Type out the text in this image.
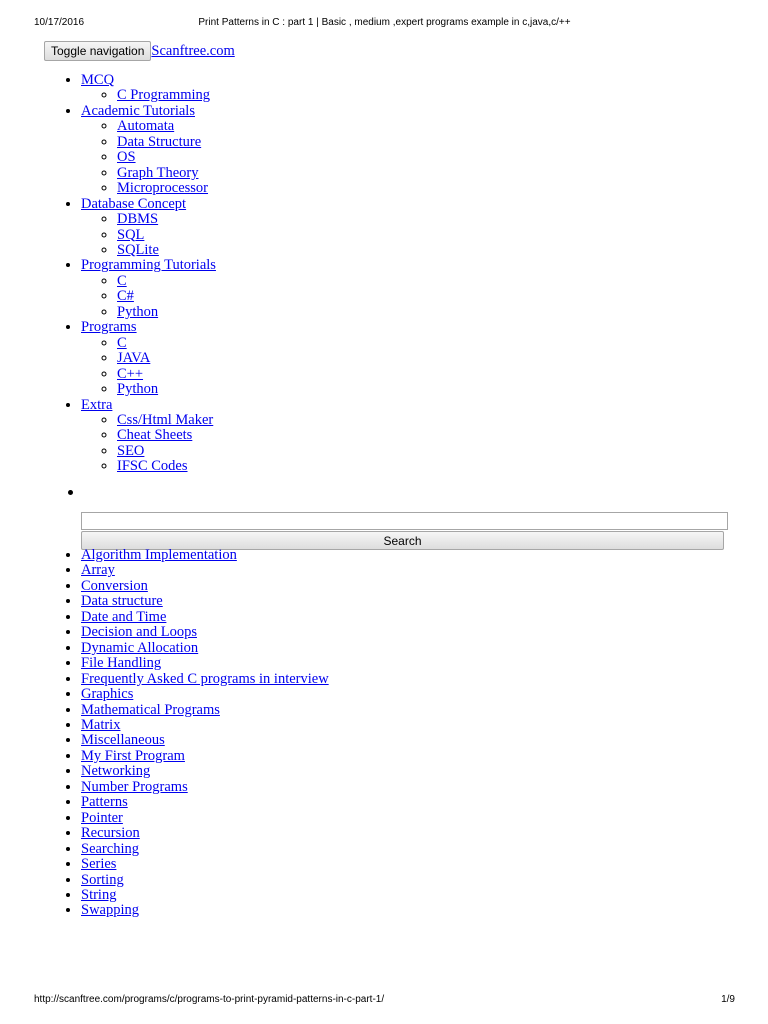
10/17/2016	Print Patterns in C : part 1 | Basic , medium ,expert programs example in c,java,c/++
Toggle navigation Scanftree.com
• MCQ
◦ C Programming
• Academic Tutorials
◦ Automata
◦ Data Structure
◦ OS
◦ Graph Theory
◦ Microprocessor
• Database Concept
◦ DBMS
◦ SQL
◦ SQLite
• Programming Tutorials
◦ C
◦ C#
◦ Python
• Programs
◦ C
◦ JAVA
◦ C++
◦ Python
• Extra
◦ Css/Html Maker
◦ Cheat Sheets
◦ SEO
◦ IFSC Codes
Search
• Algorithm Implementation
• Array
• Conversion
• Data structure
• Date and Time
• Decision and Loops
• Dynamic Allocation
• File Handling
• Frequently Asked C programs in interview
• Graphics
• Mathematical Programs
• Matrix
• Miscellaneous
• My First Program
• Networking
• Number Programs
• Patterns
• Pointer
• Recursion
• Searching
• Series
• Sorting
• String
• Swapping
http://scanftree.com/programs/c/programs-to-print-pyramid-patterns-in-c-part-1/	1/9
